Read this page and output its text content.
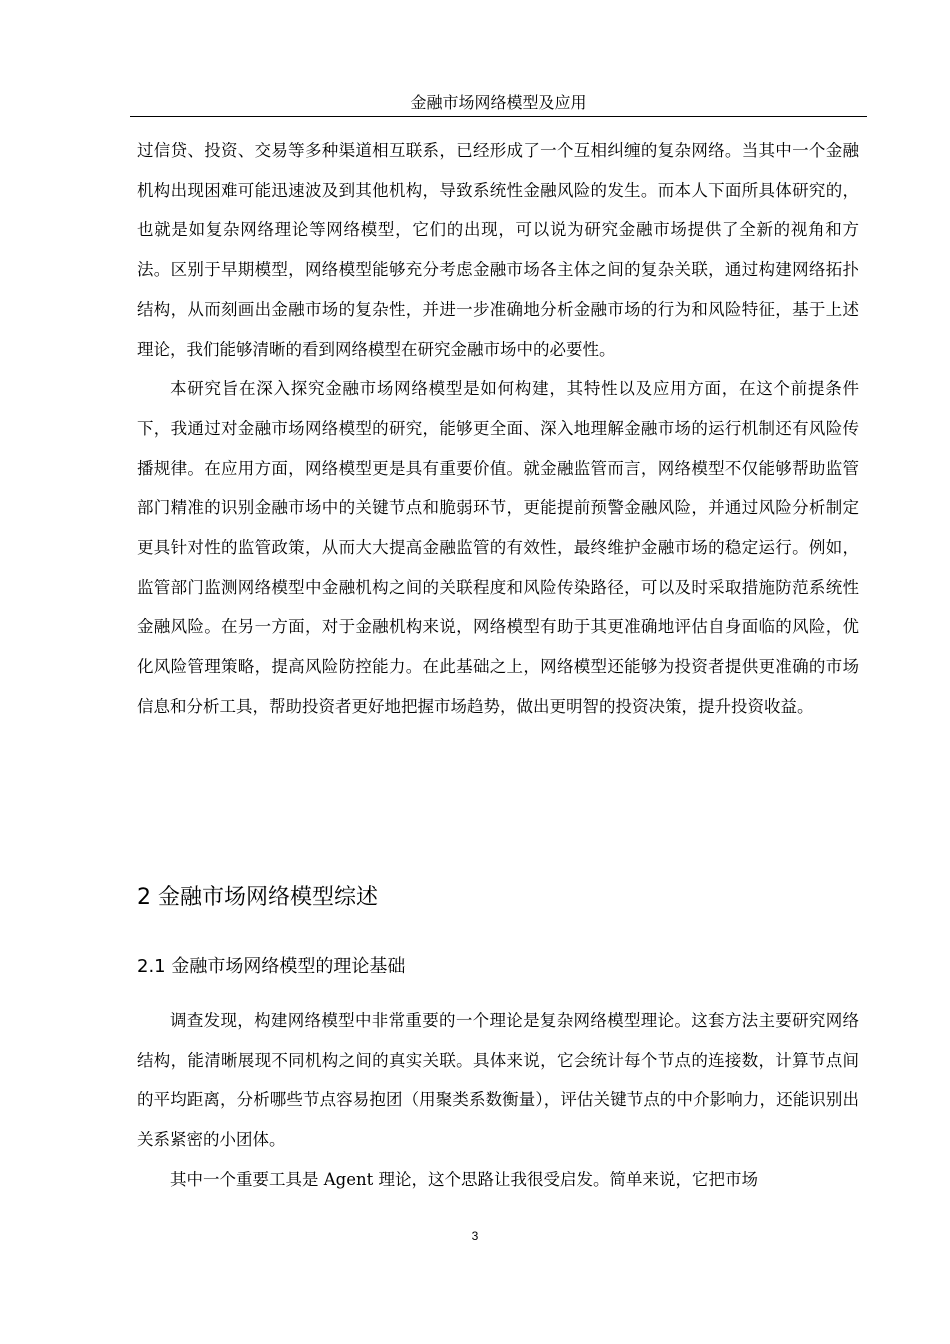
金融市场网络模型及应用

过信贷、投资、交易等多种渠道相互联系，已经形成了一个互相纠缠的复杂网络。当其中一个金融机构出现困难可能迅速波及到其他机构，导致系统性金融风险的发生。而本人下面所具体研究的，也就是如复杂网络理论等网络模型，它们的出现，可以说为研究金融市场提供了全新的视角和方法。区别于早期模型，网络模型能够充分考虑金融市场各主体之间的复杂关联，通过构建网络拓扑结构，从而刻画出金融市场的复杂性，并进一步准确地分析金融市场的行为和风险特征，基于上述理论，我们能够清晰的看到网络模型在研究金融市场中的必要性。

本研究旨在深入探究金融市场网络模型是如何构建，其特性以及应用方面，在这个前提条件下，我通过对金融市场网络模型的研究，能够更全面、深入地理解金融市场的运行机制还有风险传播规律。在应用方面，网络模型更是具有重要价值。就金融监管而言，网络模型不仅能够帮助监管部门精准的识别金融市场中的关键节点和脆弱环节，更能提前预警金融风险，并通过风险分析制定更具针对性的监管政策，从而大大提高金融监管的有效性，最终维护金融市场的稳定运行。例如，监管部门监测网络模型中金融机构之间的关联程度和风险传染路径，可以及时采取措施防范系统性金融风险。在另一方面，对于金融机构来说，网络模型有助于其更准确地评估自身面临的风险，优化风险管理策略，提高风险防控能力。在此基础之上，网络模型还能够为投资者提供更准确的市场信息和分析工具，帮助投资者更好地把握市场趋势，做出更明智的投资决策，提升投资收益。

2 金融市场网络模型综述
2.1 金融市场网络模型的理论基础

调查发现，构建网络模型中非常重要的一个理论是复杂网络模型理论。这套方法主要研究网络结构，能清晰展现不同机构之间的真实关联。具体来说，它会统计每个节点的连接数，计算节点间的平均距离，分析哪些节点容易抱团（用聚类系数衡量），评估关键节点的中介影响力，还能识别出关系紧密的小团体。

其中一个重要工具是 Agent 理论，这个思路让我很受启发。简单来说，它把市场

3
